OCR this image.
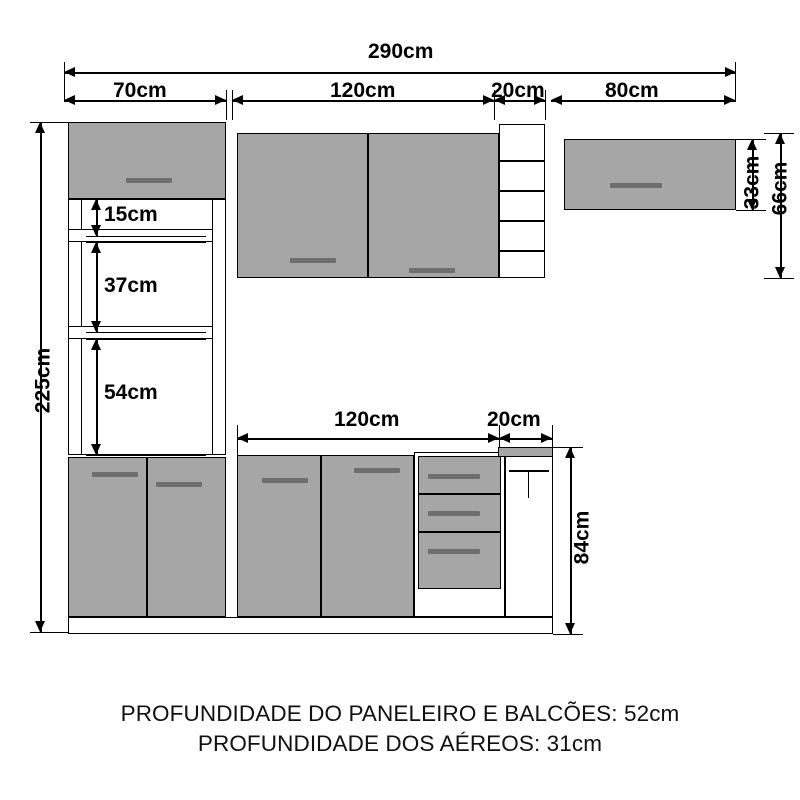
290cm
70cm	120cm	20cm	80cm
225cm
33cm 66cm
15cm
37cm
54cm
120cm	20cm
84cm
PROFUNDIDADE DO PANELEIRO E BALCÕES: 52cm
PROFUNDIDADE DOS AÉREOS: 31cm
